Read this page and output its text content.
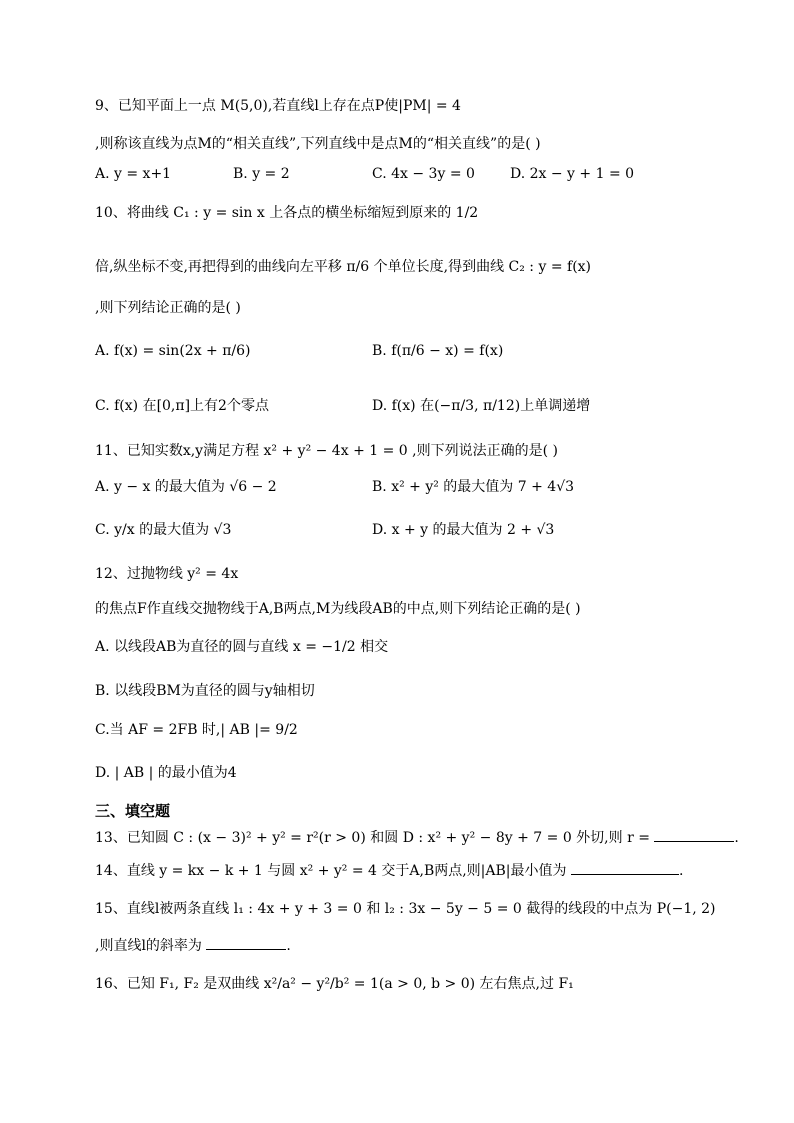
9、已知平面上一点 M(5,0),若直线l上存在点P使|PM| = 4
,则称该直线为点M的“相关直线”,下列直线中是点M的“相关直线”的是( )
A. y = x+1	B. y = 2	C. 4x − 3y = 0	D. 2x − y + 1 = 0
10、将曲线 C₁ : y = sin x 上各点的横坐标缩短到原来的 1/2
倍,纵坐标不变,再把得到的曲线向左平移 π/6 个单位长度,得到曲线 C₂ : y = f(x)
,则下列结论正确的是( )
A. f(x) = sin(2x + π/6)	B. f(π/6 − x) = f(x)
C. f(x) 在[0,π]上有2个零点	D. f(x) 在(−π/3, π/12)上单调递增
11、已知实数x,y满足方程 x² + y² − 4x + 1 = 0 ,则下列说法正确的是( )
A. y − x 的最大值为 √6 − 2	B. x² + y² 的最大值为 7 + 4√3
C. y/x 的最大值为 √3	D. x + y 的最大值为 2 + √3
12、过抛物线 y² = 4x
的焦点F作直线交抛物线于A,B两点,M为线段AB的中点,则下列结论正确的是( )
A. 以线段AB为直径的圆与直线 x = −1/2 相交
B. 以线段BM为直径的圆与y轴相切
C.当 AF = 2FB 时,| AB |= 9/2
D. | AB | 的最小值为4
三、填空题
13、已知圆 C : (x − 3)² + y² = r²(r > 0) 和圆 D : x² + y² − 8y + 7 = 0 外切,则 r =	.
14、直线 y = kx − k + 1 与圆 x² + y² = 4 交于A,B两点,则|AB|最小值为	.
15、直线l被两条直线 l₁ : 4x + y + 3 = 0 和 l₂ : 3x − 5y − 5 = 0 截得的线段的中点为 P(−1, 2)
,则直线l的斜率为	.
16、已知 F₁, F₂ 是双曲线 x²/a² − y²/b² = 1(a > 0, b > 0) 左右焦点,过 F₁
